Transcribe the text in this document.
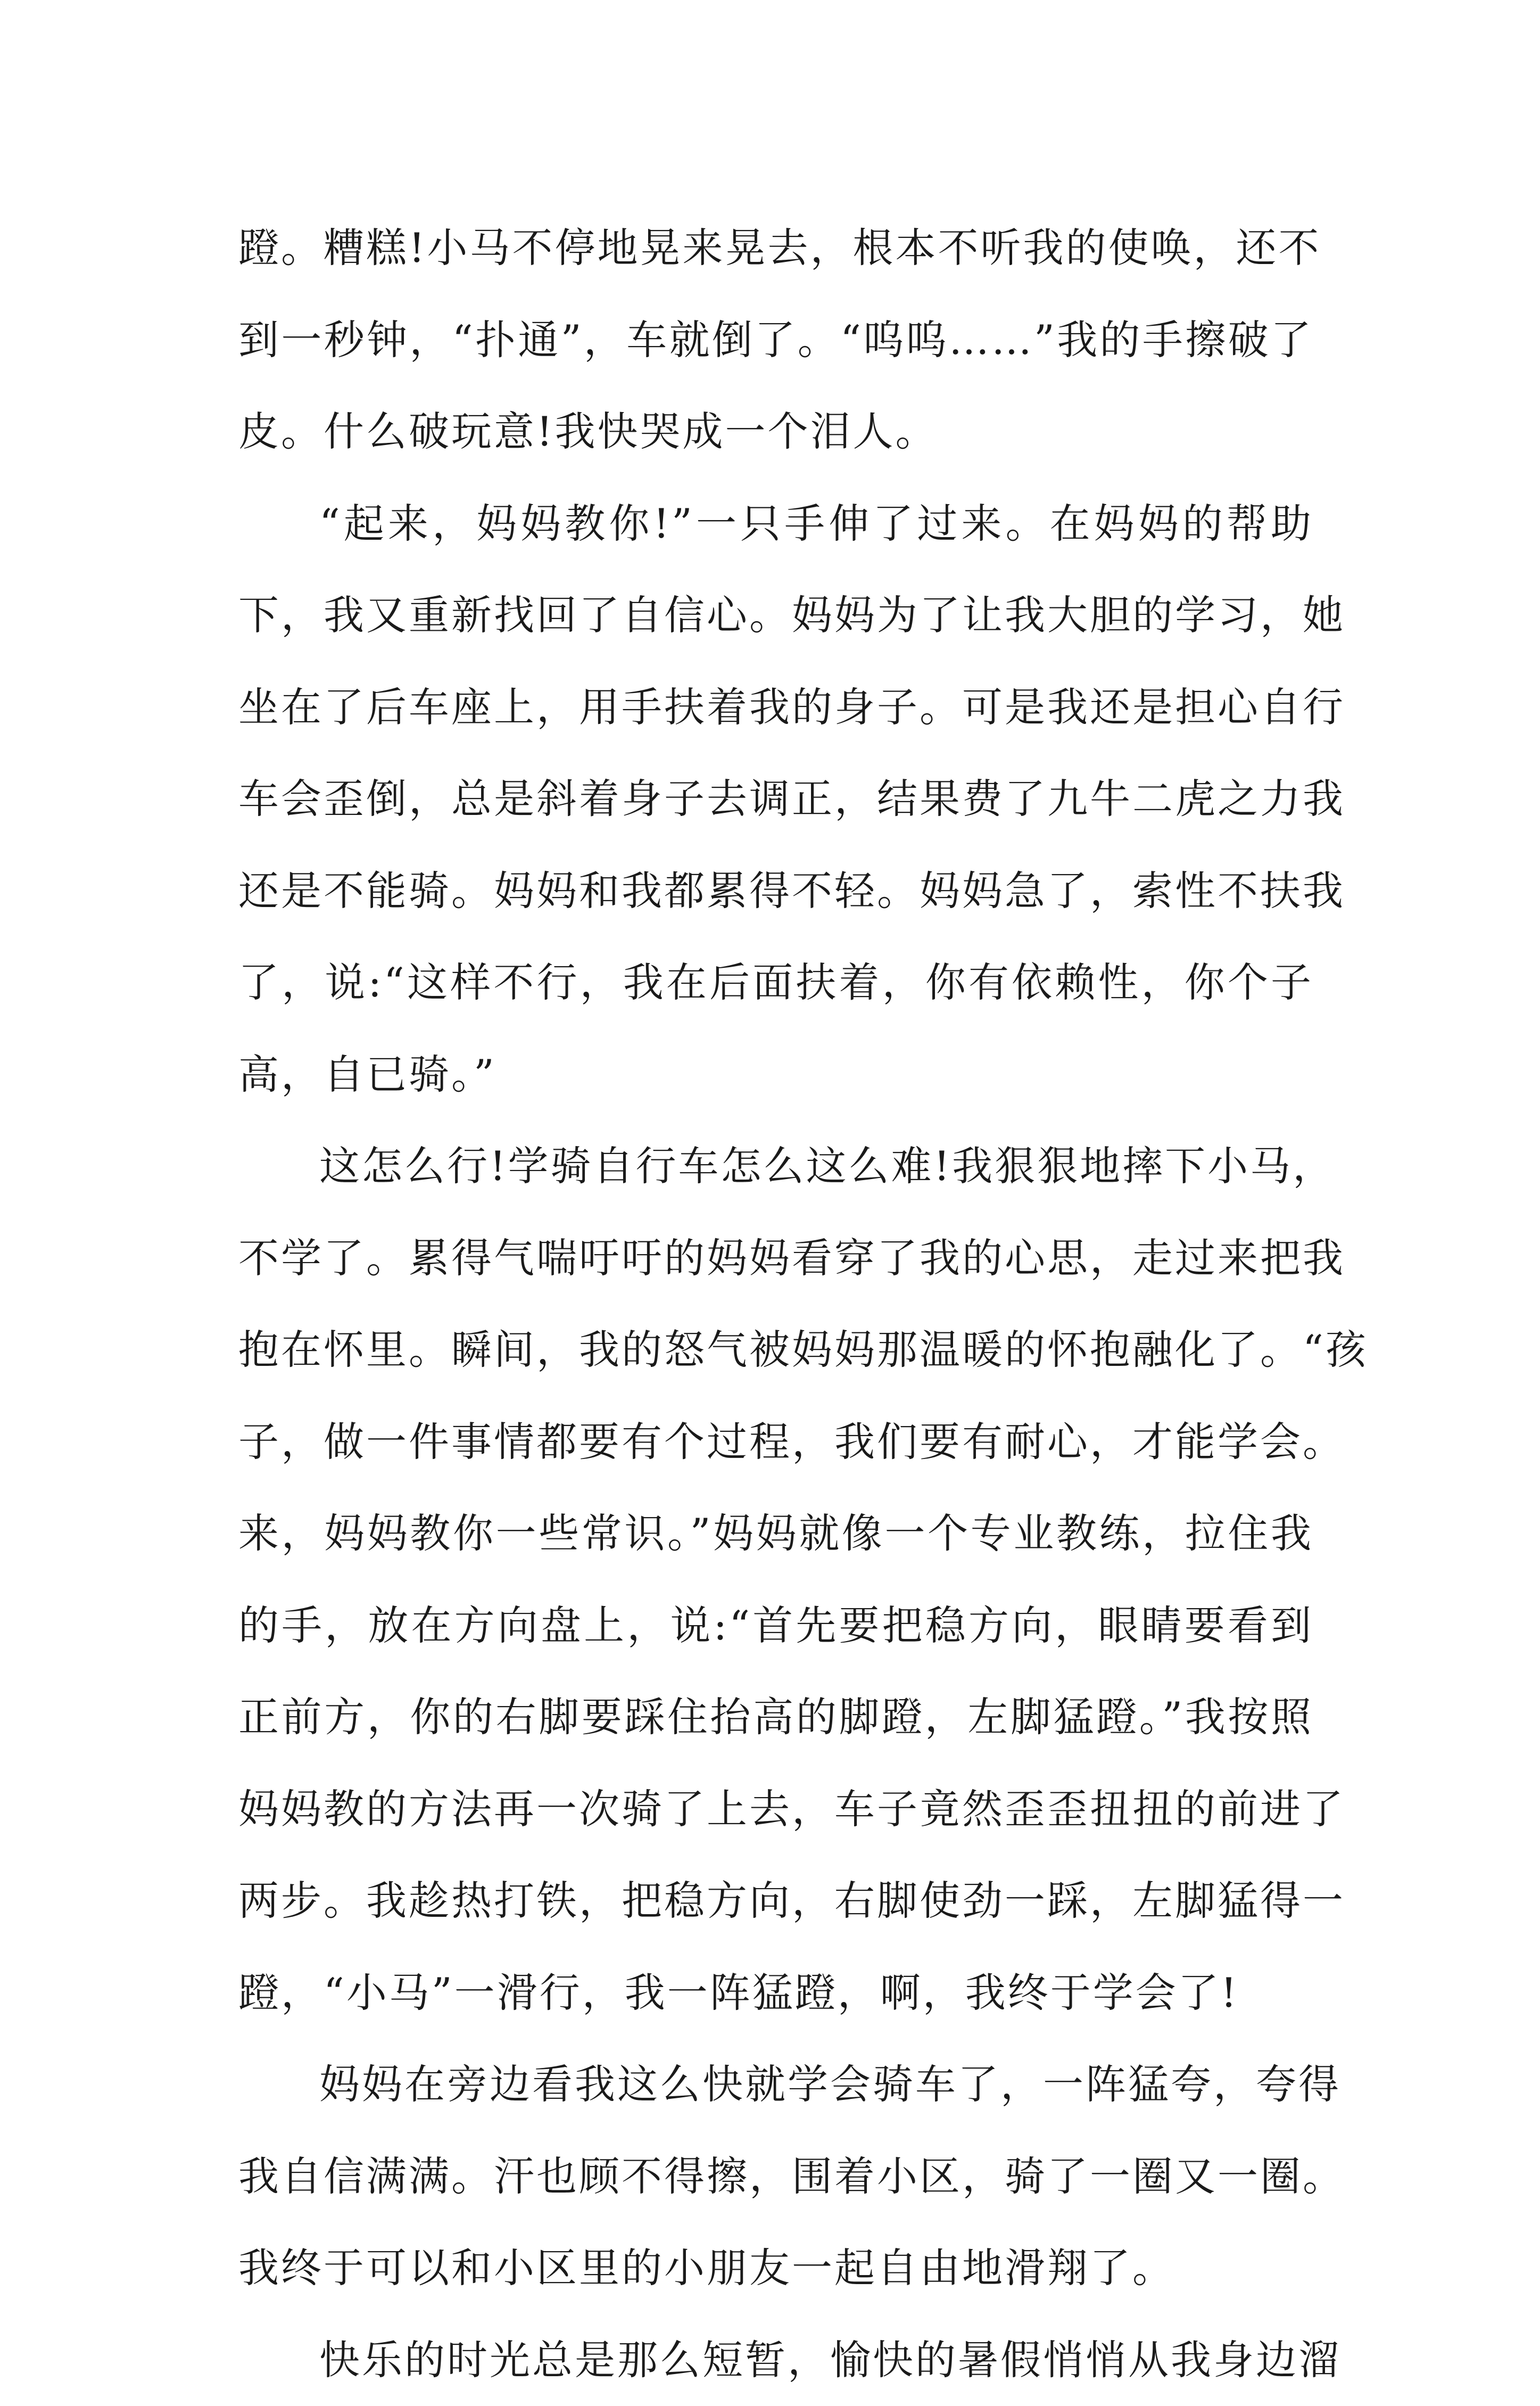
蹬。糟糕!小马不停地晃来晃去，根本不听我的使唤，还不
到一秒钟，“扑通”，车就倒了。“呜呜……”我的手擦破了
皮。什么破玩意!我快哭成一个泪人。
“起来，妈妈教你!”一只手伸了过来。在妈妈的帮助
下，我又重新找回了自信心。妈妈为了让我大胆的学习，她
坐在了后车座上，用手扶着我的身子。可是我还是担心自行
车会歪倒，总是斜着身子去调正，结果费了九牛二虎之力我
还是不能骑。妈妈和我都累得不轻。妈妈急了，索性不扶我
了，说:“这样不行，我在后面扶着，你有依赖性，你个子
高，自已骑。”
这怎么行!学骑自行车怎么这么难!我狠狠地摔下小马，
不学了。累得气喘吁吁的妈妈看穿了我的心思，走过来把我
抱在怀里。瞬间，我的怒气被妈妈那温暖的怀抱融化了。“孩
子，做一件事情都要有个过程，我们要有耐心，才能学会。
来，妈妈教你一些常识。”妈妈就像一个专业教练，拉住我
的手，放在方向盘上，说:“首先要把稳方向，眼睛要看到
正前方，你的右脚要踩住抬高的脚蹬，左脚猛蹬。”我按照
妈妈教的方法再一次骑了上去，车子竟然歪歪扭扭的前进了
两步。我趁热打铁，把稳方向，右脚使劲一踩，左脚猛得一
蹬，“小马”一滑行，我一阵猛蹬，啊，我终于学会了!
妈妈在旁边看我这么快就学会骑车了，一阵猛夸，夸得
我自信满满。汗也顾不得擦，围着小区，骑了一圈又一圈。
我终于可以和小区里的小朋友一起自由地滑翔了。
快乐的时光总是那么短暂，愉快的暑假悄悄从我身边溜
